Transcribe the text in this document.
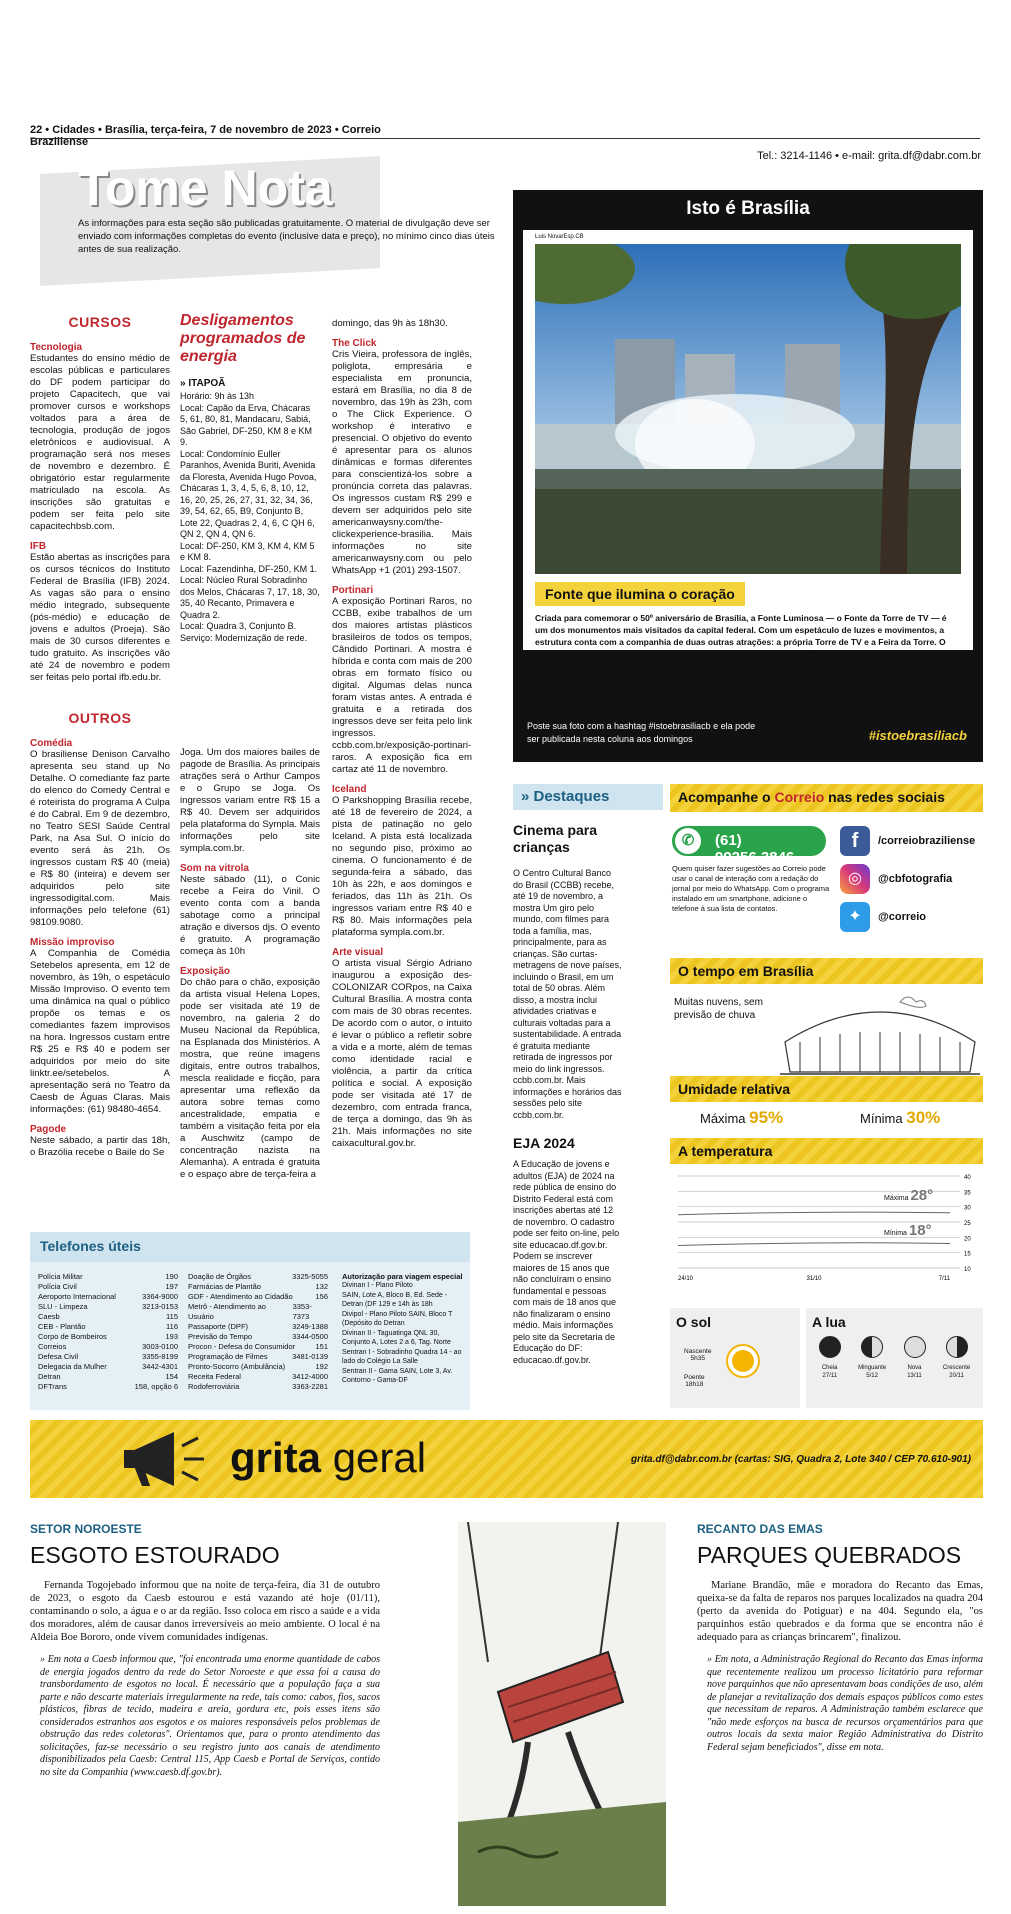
22 • Cidades • Brasília, terça-feira, 7 de novembro de 2023 • Correio Braziliense
Tel.: 3214-1146 • e-mail: grita.df@dabr.com.br
Tome Nota
As informações para esta seção são publicadas gratuitamente. O material de divulgação deve ser enviado com informações completas do evento (inclusive data e preço), no mínimo cinco dias úteis antes de sua realização.
CURSOS
Tecnologia
Estudantes do ensino médio de escolas públicas e particulares do DF podem participar do projeto Capacitech, que vai promover cursos e workshops voltados para a área de tecnologia, produção de jogos eletrônicos e audiovisual. A programação será nos meses de novembro e dezembro. É obrigatório estar regularmente matriculado na escola. As inscrições são gratuitas e podem ser feita pelo site capacitechbsb.com.
IFB
Estão abertas as inscrições para os cursos técnicos do Instituto Federal de Brasília (IFB) 2024. As vagas são para o ensino médio integrado, subsequente (pós-médio) e educação de jovens e adultos (Proeja). São mais de 30 cursos diferentes e tudo gratuito. As inscrições vão até 24 de novembro e podem ser feitas pelo portal ifb.edu.br.
OUTROS
Comédia
O brasiliense Denison Carvalho apresenta seu stand up No Detalhe. O comediante faz parte do elenco do Comedy Central e é roteirista do programa A Culpa é do Cabral. Em 9 de dezembro, no Teatro SESI Saúde Central Park, na Asa Sul. O início do evento será às 21h. Os ingressos custam R$ 40 (meia) e R$ 80 (inteira) e devem ser adquiridos pelo site ingressodigital.com. Mais informações pelo telefone (61) 98109.9080.
Missão improviso
A Companhia de Comédia Setebelos apresenta, em 12 de novembro, às 19h, o espetáculo Missão Improviso. O evento tem uma dinâmica na qual o público propõe os temas e os comediantes fazem improvisos na hora. Ingressos custam entre R$ 25 e R$ 40 e podem ser adquiridos por meio do site linktr.ee/setebelos. A apresentação será no Teatro da Caesb de Águas Claras. Mais informações: (61) 98480-4654.
Pagode
Neste sábado, a partir das 18h, o Brazólia recebe o Baile do Se
Desligamentos programados de energia
» ITAPOÃ
Horário: 9h às 13h
Local: Capão da Erva, Chácaras 5, 61, 80, 81, Mandacaru, Sabiá, São Gabriel, DF-250, KM 8 e KM 9.
Local: Condomínio Euller Paranhos, Avenida Buriti, Avenida da Floresta, Avenida Hugo Povoa, Chácaras 1, 3, 4, 5, 6, 8, 10, 12, 16, 20, 25, 26, 27, 31, 32, 34, 36, 39, 54, 62, 65, B9, Conjunto B, Lote 22, Quadras 2, 4, 6, C QH 6, QN 2, QN 4, QN 6.
Local: DF-250, KM 3, KM 4, KM 5 e KM 8.
Local: Fazendinha, DF-250, KM 1.
Local: Núcleo Rural Sobradinho dos Melos, Chácaras 7, 17, 18, 30, 35, 40 Recanto, Primavera e Quadra 2.
Local: Quadra 3, Conjunto B.
Serviço: Modernização de rede.
Joga. Um dos maiores bailes de pagode de Brasília. As principais atrações será o Arthur Campos e o Grupo se Joga. Os ingressos variam entre R$ 15 a R$ 40. Devem ser adquiridos pela plataforma do Sympla. Mais informações pelo site sympla.com.br.
Som na vitrola
Neste sábado (11), o Conic recebe a Feira do Vinil. O evento conta com a banda sabotage como a principal atração e diversos djs. O evento é gratuito. A programação começa às 10h
Exposição
Do chão para o chão, exposição da artista visual Helena Lopes, pode ser visitada até 19 de novembro, na galeria 2 do Museu Nacional da República, na Esplanada dos Ministérios. A mostra, que reúne imagens digitais, entre outros trabalhos, mescla realidade e ficção, para apresentar uma reflexão da autora sobre temas como ancestralidade, empatia e também a visitação feita por ela a Auschwitz (campo de concentração nazista na Alemanha). A entrada é gratuita e o espaço abre de terça-feira a
domingo, das 9h às 18h30.
The Click
Cris Vieira, professora de inglês, poliglota, empresária e especialista em pronuncia, estará em Brasília, no dia 8 de novembro, das 19h às 23h, com o The Click Experience. O workshop é interativo e presencial. O objetivo do evento é apresentar para os alunos dinâmicas e formas diferentes para conscientizá-los sobre a pronúncia correta das palavras. Os ingressos custam R$ 299 e devem ser adquiridos pelo site americanwaysny.com/the-clickexperience-brasilia. Mais informações no site americanwaysny.com ou pelo WhatsApp +1 (201) 293-1507.
Portinari
A exposição Portinari Raros, no CCBB, exibe trabalhos de um dos maiores artistas plásticos brasileiros de todos os tempos, Cândido Portinari. A mostra é híbrida e conta com mais de 200 obras em formato físico ou digital. Algumas delas nunca foram vistas antes. A entrada é gratuita e a retirada dos ingressos deve ser feita pelo link ingressos. ccbb.com.br/exposição-portinari-raros. A exposição fica em cartaz até 11 de novembro.
Iceland
O Parkshopping Brasília recebe, até 18 de fevereiro de 2024, a pista de patinação no gelo Iceland. A pista está localizada no segundo piso, próximo ao cinema. O funcionamento é de segunda-feira a sábado, das 10h às 22h, e aos domingos e feriados, das 11h às 21h. Os ingressos variam entre R$ 40 e R$ 80. Mais informações pela plataforma sympla.com.br.
Arte visual
O artista visual Sérgio Adriano inaugurou a exposição des-COLONIZAR CORpos, na Caixa Cultural Brasília. A mostra conta com mais de 30 obras recentes. De acordo com o autor, o intuito é levar o público a refletir sobre a vida e a morte, além de temas como identidade racial e violência, a partir da crítica política e social. A exposição pode ser visitada até 17 de dezembro, com entrada franca, de terça a domingo, das 9h às 21h. Mais informações no site caixacultural.gov.br.
Telefones úteis
Polícia Militar	190
Polícia Civil	197
Aeroporto Internacional	3364-9000
SLU - Limpeza	3213-0153
Caesb	115
CEB - Plantão	116
Corpo de Bombeiros	193
Correios	3003-0100
Defesa Civil	3355-8199
Delegacia da Mulher	3442-4301
Detran	154
DFTrans	158, opção 6
Doação de Órgãos	3325-5055
Farmácias de Plantão	132
GDF - Atendimento ao Cidadão	156
Metrô - Atendimento ao Usuário
3353-7373
Passaporte (DPF)	3249-1388
Previsão do Tempo	3344-0500
Procon - Defesa do Consumidor	151
Programação de Filmes	3481-0139
Pronto-Socorro (Ambulância)	192
Receita Federal	3412-4000
Rodoferroviária	3363-2281
Autorização para viagem especial
Divinan I - Plano Piloto
SAIN, Lote A, Bloco B, Ed. Sede - Detran (DF 129 e 14h às 18h
Divipol - Plano Piloto SAIN, Bloco T (Depósito do Detran
Divinan II - Taguatinga QNL 30, Conjunto A, Lotes 2 a 6, Tag. Norte
Sentran I - Sobradinho Quadra 14 - ao lado do Colégio La Salle
Sentran II - Gama SAIN, Lote 3, Av. Contorno - Gama-DF
Isto é Brasília
Luis Nova/Esp.CB
Fonte que ilumina o coração
Criada para comemorar o 50º aniversário de Brasília, a Fonte Luminosa — o Fonte da Torre de TV — é um dos monumentos mais visitados da capital federal. Com um espetáculo de luzes e movimentos, a estrutura conta com a companhia de duas outras atrações: a própria Torre de TV e a Feira da Torre. O local ainda é palco de espetáculos artísticos, locais propícios para boas fotos e para encontros apaixonados entre casais e famílias que se divertem seja durante o dia ou a noite, quando o show fica ainda mais bonito.
Poste sua foto com a hashtag #istoebrasiliacb e ela pode ser publicada nesta coluna aos domingos	#istoebrasiliacb
» Destaques
Cinema para crianças
O Centro Cultural Banco do Brasil (CCBB) recebe, até 19 de novembro, a mostra Um giro pelo mundo, com filmes para toda a família, mas, principalmente, para as crianças. São curtas-metragens de nove países, incluindo o Brasil, em um total de 50 obras. Além disso, a mostra inclui atividades criativas e culturais voltadas para a sustentabilidade. A entrada é gratuita mediante retirada de ingressos por meio do link ingressos. ccbb.com.br. Mais informações e horários das sessões pelo site ccbb.com.br.
EJA 2024
A Educação de jovens e adultos (EJA) de 2024 na rede pública de ensino do Distrito Federal está com inscrições abertas até 12 de novembro. O cadastro pode ser feito on-line, pelo site educacao.df.gov.br. Podem se inscrever maiores de 15 anos que não concluíram o ensino fundamental e pessoas com mais de 18 anos que não finalizaram o ensino médio. Mais informações pelo site da Secretaria de Educação do DF: educacao.df.gov.br.
Acompanhe o Correio nas redes sociais
✆	(61) 99256.3846
Quem quiser fazer sugestões ao Correio pode usar o canal de interação com a redação do jornal por meio do WhatsApp. Com o programa instalado em um smartphone, adicione o telefone à sua lista de contatos.
f	/correiobraziliense
◎	@cbfotografia
✦	@correio
O tempo em Brasília
Muitas nuvens, sem previsão de chuva
Umidade relativa
Máxima 95%	Mínima 30%
A temperatura
40
35
30
25
20
15
10
24/10	31/10	7/11
Máxima 28°
Mínima 18°
O sol
Nascente
5h35
Poente
18h18
A lua
Cheia
27/11
Minguante
5/12
Nova
13/11
Crescente
20/11
grita geral	grita.df@dabr.com.br (cartas: SIG, Quadra 2, Lote 340 / CEP 70.610-901)
SETOR NOROESTE
ESGOTO ESTOURADO
Fernanda Togojebado informou que na noite de terça-feira, dia 31 de outubro de 2023, o esgoto da Caesb estourou e está vazando até hoje (01/11), contaminando o solo, a água e o ar da região. Isso coloca em risco a saúde e a vida dos moradores, além de causar danos irreversíveis ao meio ambiente. O local é na Aldeia Boe Bororo, onde vivem comunidades indígenas.
» Em nota a Caesb informou que, "foi encontrada uma enorme quantidade de cabos de energia jogados dentro da rede do Setor Noroeste e que essa foi a causa do transbordamento de esgotos no local. É necessário que a população faça a sua parte e não descarte materiais irregularmente na rede, tais como: cabos, fios, sacos plásticos, fibras de tecido, madeira e areia, gordura etc, pois esses itens são considerados estranhos aos esgotos e os maiores responsáveis pelos problemas de obstrução das redes coletoras". Orientamos que, para o pronto atendimento das solicitações, faz-se necessário o seu registro junto aos canais de atendimento disponibilizados pela Caesb: Central 115, App Caesb e Portal de Serviços, contido no site da Companhia (www.caesb.df.gov.br).
RECANTO DAS EMAS
PARQUES QUEBRADOS
Mariane Brandão, mãe e moradora do Recanto das Emas, queixa-se da falta de reparos nos parques localizados na quadra 204 (perto da avenida do Potiguar) e na 404. Segundo ela, "os parquinhos estão quebrados e da forma que se encontra não é adequado para as crianças brincarem", finalizou.
» Em nota, a Administração Regional do Recanto das Emas informa que recentemente realizou um processo licitatório para reformar nove parquinhos que não apresentavam boas condições de uso, além de planejar a revitalização dos demais espaços públicos como estes que necessitam de reparos. A Administração também esclarece que "não mede esforços na busca de recursos orçamentários para que outros locais da sexta maior Região Administrativa do Distrito Federal sejam beneficiados", disse em nota.
